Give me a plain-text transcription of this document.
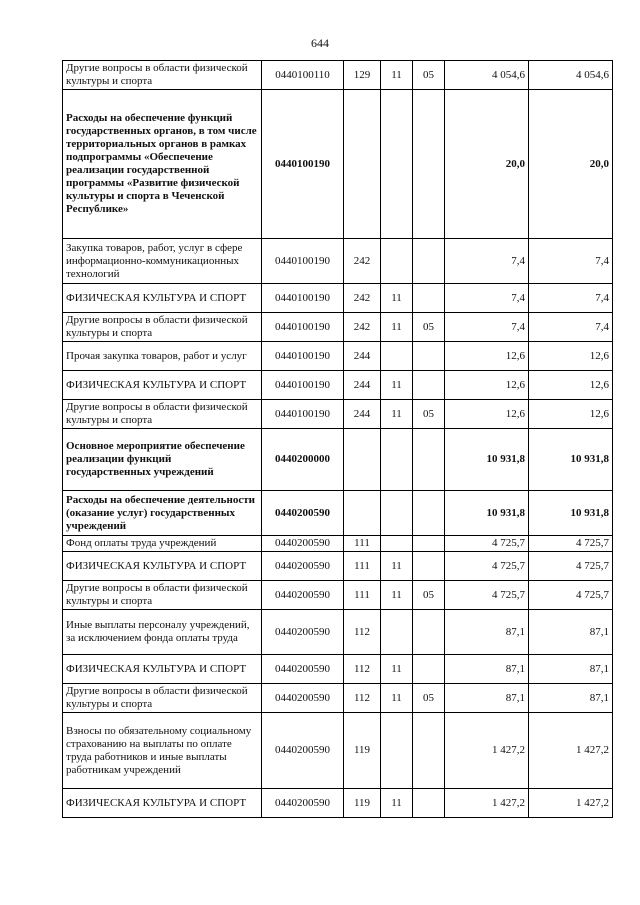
644
Другие вопросы в области физической культуры и спорта	0440100110	129	11	05	4 054,6	4 054,6
Расходы на обеспечение функций государственных органов, в том числе территориальных органов в рамках подпрограммы «Обеспечение реализации государственной программы «Развитие физической культуры и спорта в Чеченской Республике»	0440100190				20,0	20,0
Закупка товаров, работ, услуг в сфере информационно-коммуникационных технологий	0440100190	242			7,4	7,4
ФИЗИЧЕСКАЯ КУЛЬТУРА И СПОРТ	0440100190	242	11		7,4	7,4
Другие вопросы в области физической культуры и спорта	0440100190	242	11	05	7,4	7,4
Прочая закупка товаров, работ и услуг	0440100190	244			12,6	12,6
ФИЗИЧЕСКАЯ КУЛЬТУРА И СПОРТ	0440100190	244	11		12,6	12,6
Другие вопросы в области физической культуры и спорта	0440100190	244	11	05	12,6	12,6
Основное мероприятие обеспечение реализации функций государственных учреждений	0440200000				10 931,8	10 931,8
Расходы на обеспечение деятельности (оказание услуг) государственных учреждений	0440200590				10 931,8	10 931,8
Фонд оплаты труда учреждений	0440200590	111			4 725,7	4 725,7
ФИЗИЧЕСКАЯ КУЛЬТУРА И СПОРТ	0440200590	111	11		4 725,7	4 725,7
Другие вопросы в области физической культуры и спорта	0440200590	111	11	05	4 725,7	4 725,7
Иные выплаты персоналу учреждений, за исключением фонда оплаты труда	0440200590	112			87,1	87,1
ФИЗИЧЕСКАЯ КУЛЬТУРА И СПОРТ	0440200590	112	11		87,1	87,1
Другие вопросы в области физической культуры и спорта	0440200590	112	11	05	87,1	87,1
Взносы по обязательному социальному страхованию на выплаты по оплате труда работников и иные выплаты работникам учреждений	0440200590	119			1 427,2	1 427,2
ФИЗИЧЕСКАЯ КУЛЬТУРА И СПОРТ	0440200590	119	11		1 427,2	1 427,2
